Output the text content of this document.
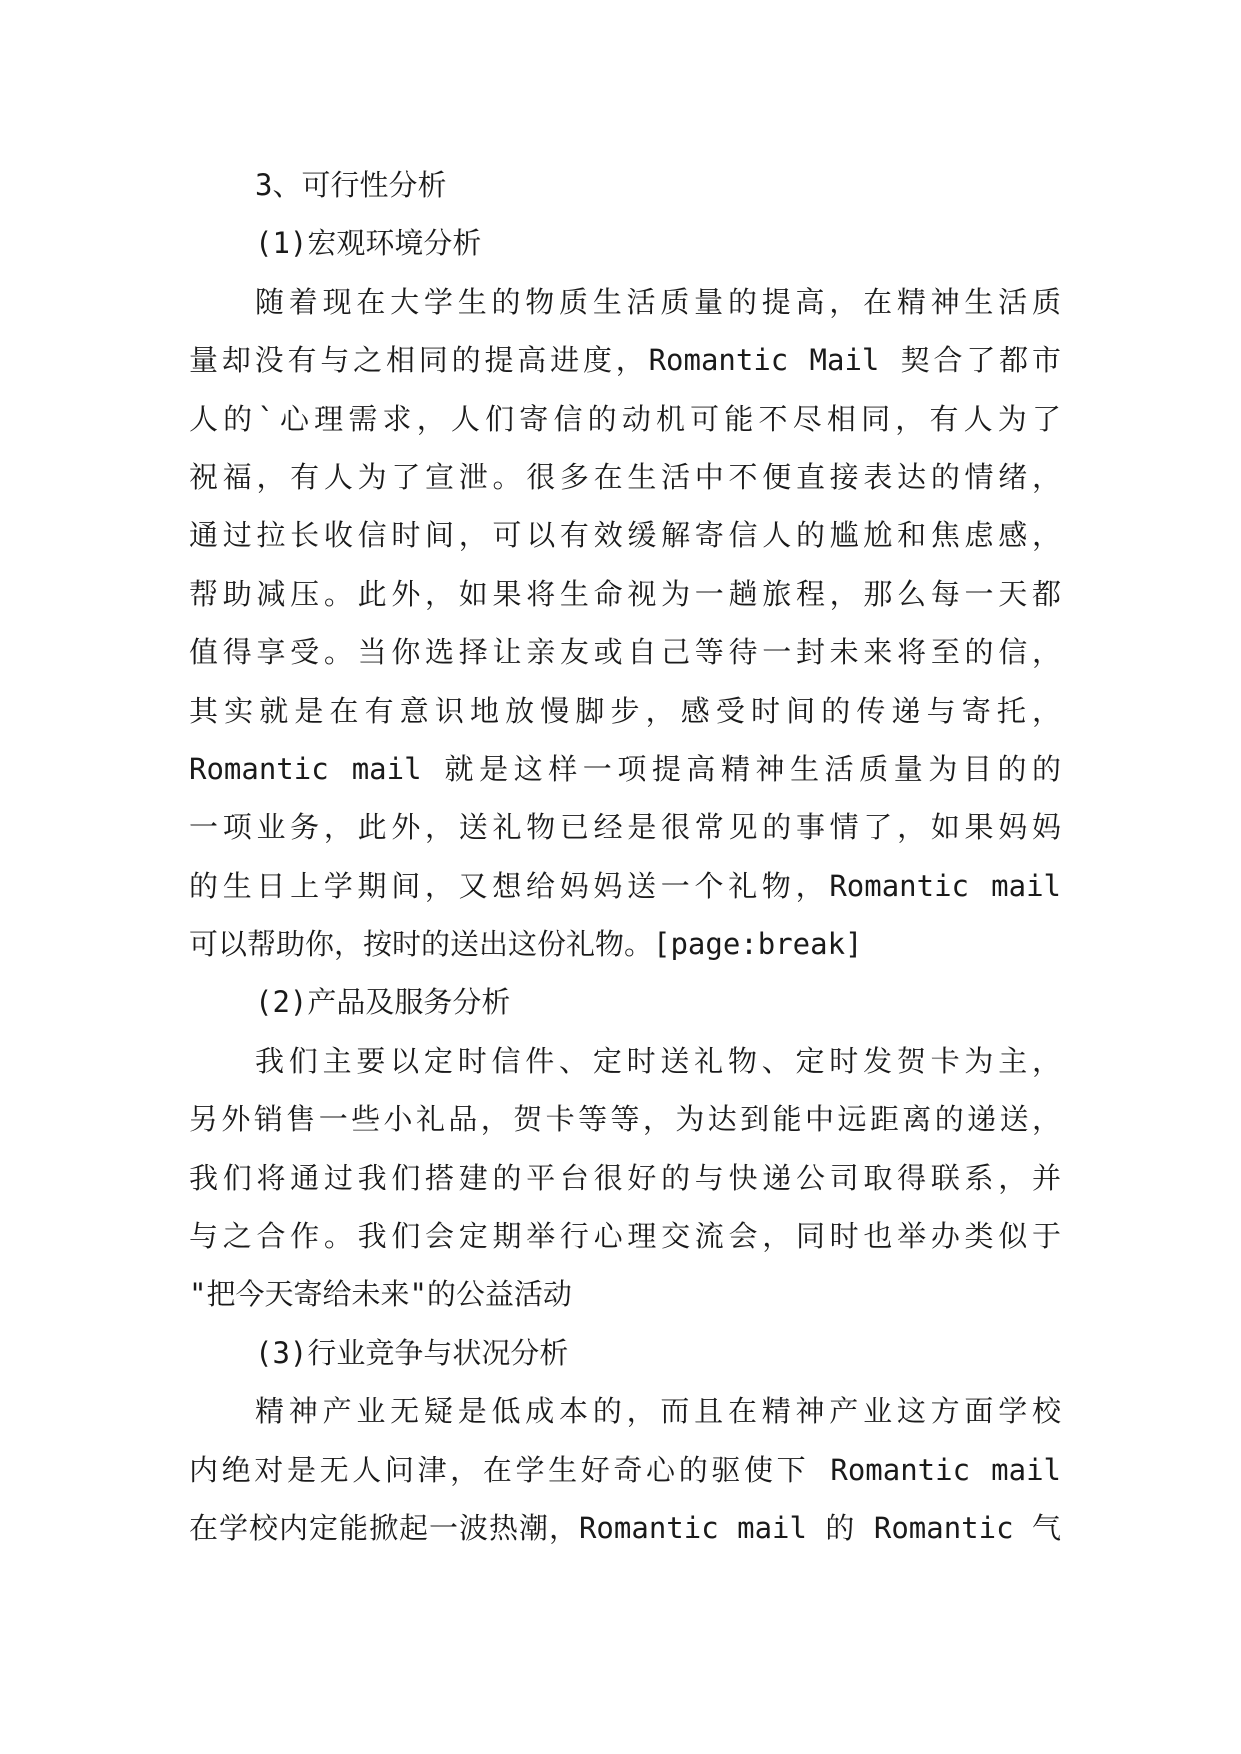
3、可行性分析
(1)宏观环境分析
随着现在大学生的物质生活质量的提高，在精神生活质
量却没有与之相同的提高进度，Romantic Mail 契合了都市
人的`心理需求，人们寄信的动机可能不尽相同，有人为了
祝福，有人为了宣泄。很多在生活中不便直接表达的情绪，
通过拉长收信时间，可以有效缓解寄信人的尴尬和焦虑感，
帮助减压。此外，如果将生命视为一趟旅程，那么每一天都
值得享受。当你选择让亲友或自己等待一封未来将至的信，
其实就是在有意识地放慢脚步，感受时间的传递与寄托，
Romantic mail 就是这样一项提高精神生活质量为目的的
一项业务，此外，送礼物已经是很常见的事情了，如果妈妈
的生日上学期间，又想给妈妈送一个礼物，Romantic mail
可以帮助你，按时的送出这份礼物。[page:break]
(2)产品及服务分析
我们主要以定时信件、定时送礼物、定时发贺卡为主，
另外销售一些小礼品，贺卡等等，为达到能中远距离的递送，
我们将通过我们搭建的平台很好的与快递公司取得联系，并
与之合作。我们会定期举行心理交流会，同时也举办类似于
"把今天寄给未来"的公益活动
(3)行业竞争与状况分析
精神产业无疑是低成本的，而且在精神产业这方面学校
内绝对是无人问津，在学生好奇心的驱使下 Romantic mail
在学校内定能掀起一波热潮，Romantic mail 的 Romantic 气
